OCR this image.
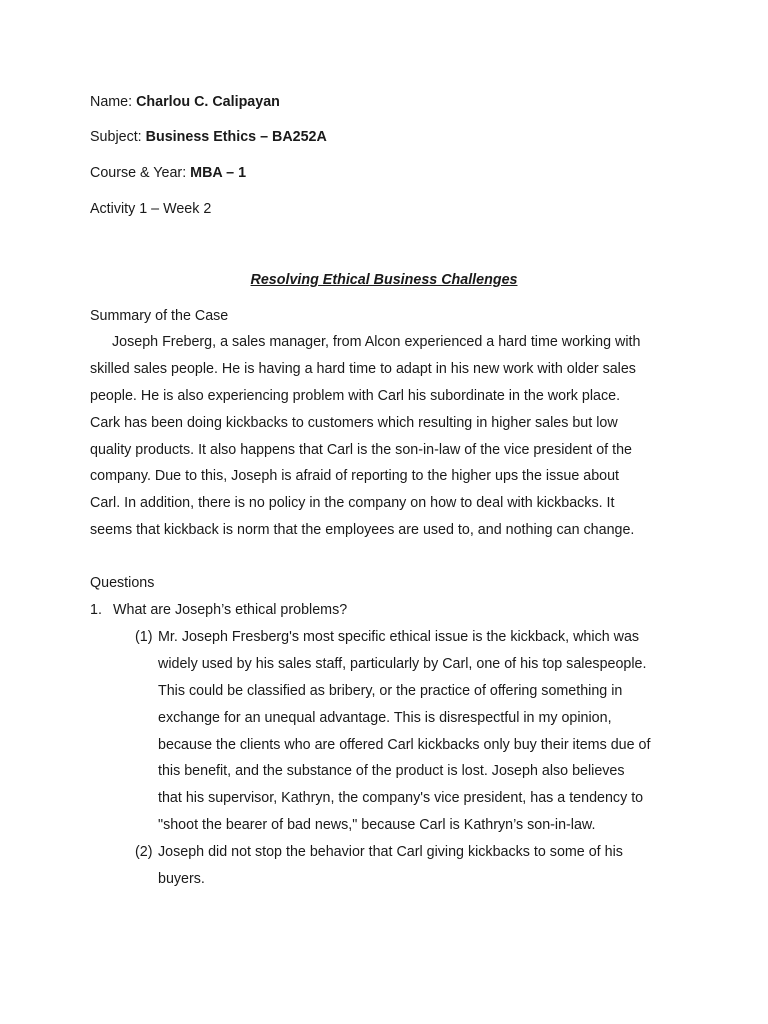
Name: Charlou C. Calipayan
Subject: Business Ethics – BA252A
Course & Year: MBA – 1
Activity 1 – Week 2
Resolving Ethical Business Challenges
Summary of the Case
Joseph Freberg, a sales manager, from Alcon experienced a hard time working with
skilled sales people. He is having a hard time to adapt in his new work with older sales
people. He is also experiencing problem with Carl his subordinate in the work place.
Cark has been doing kickbacks to customers which resulting in higher sales but low
quality products. It also happens that Carl is the son-in-law of the vice president of the
company. Due to this, Joseph is afraid of reporting to the higher ups the issue about
Carl. In addition, there is no policy in the company on how to deal with kickbacks. It
seems that kickback is norm that the employees are used to, and nothing can change.
Questions
1. What are Joseph’s ethical problems?
(1) Mr. Joseph Fresberg's most specific ethical issue is the kickback, which was
widely used by his sales staff, particularly by Carl, one of his top salespeople.
This could be classified as bribery, or the practice of offering something in
exchange for an unequal advantage. This is disrespectful in my opinion,
because the clients who are offered Carl kickbacks only buy their items due of
this benefit, and the substance of the product is lost. Joseph also believes
that his supervisor, Kathryn, the company's vice president, has a tendency to
"shoot the bearer of bad news," because Carl is Kathryn’s son-in-law.
(2) Joseph did not stop the behavior that Carl giving kickbacks to some of his
buyers.
